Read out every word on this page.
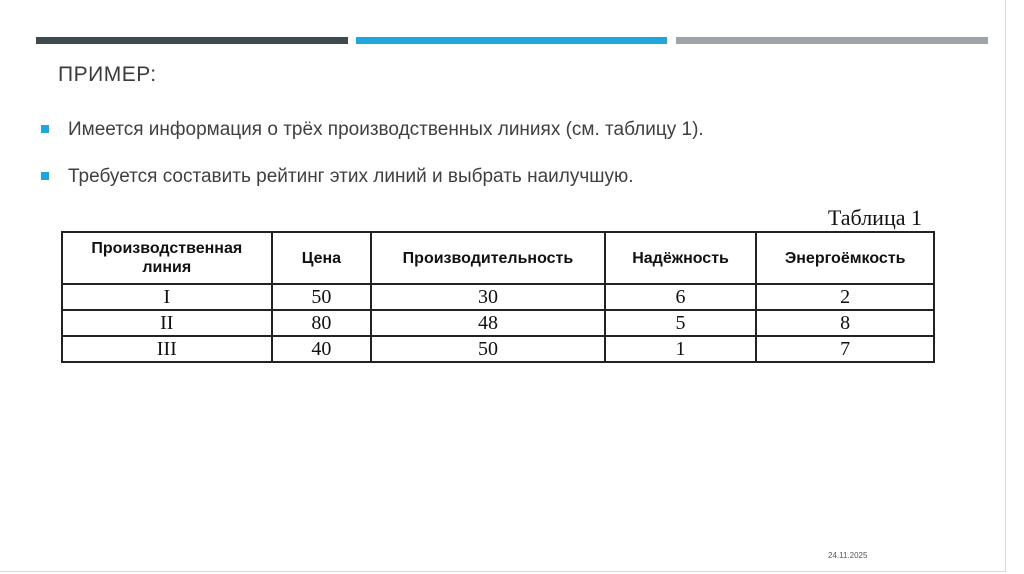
ПРИМЕР:
Имеется информация о трёх производственных линиях (см. таблицу 1).
Требуется составить рейтинг этих линий и выбрать наилучшую.
Таблица 1
Производственная линия	Цена	Производительность	Надёжность	Энергоёмкость
I	50	30	6	2
II	80	48	5	8
III	40	50	1	7
24.11.2025
